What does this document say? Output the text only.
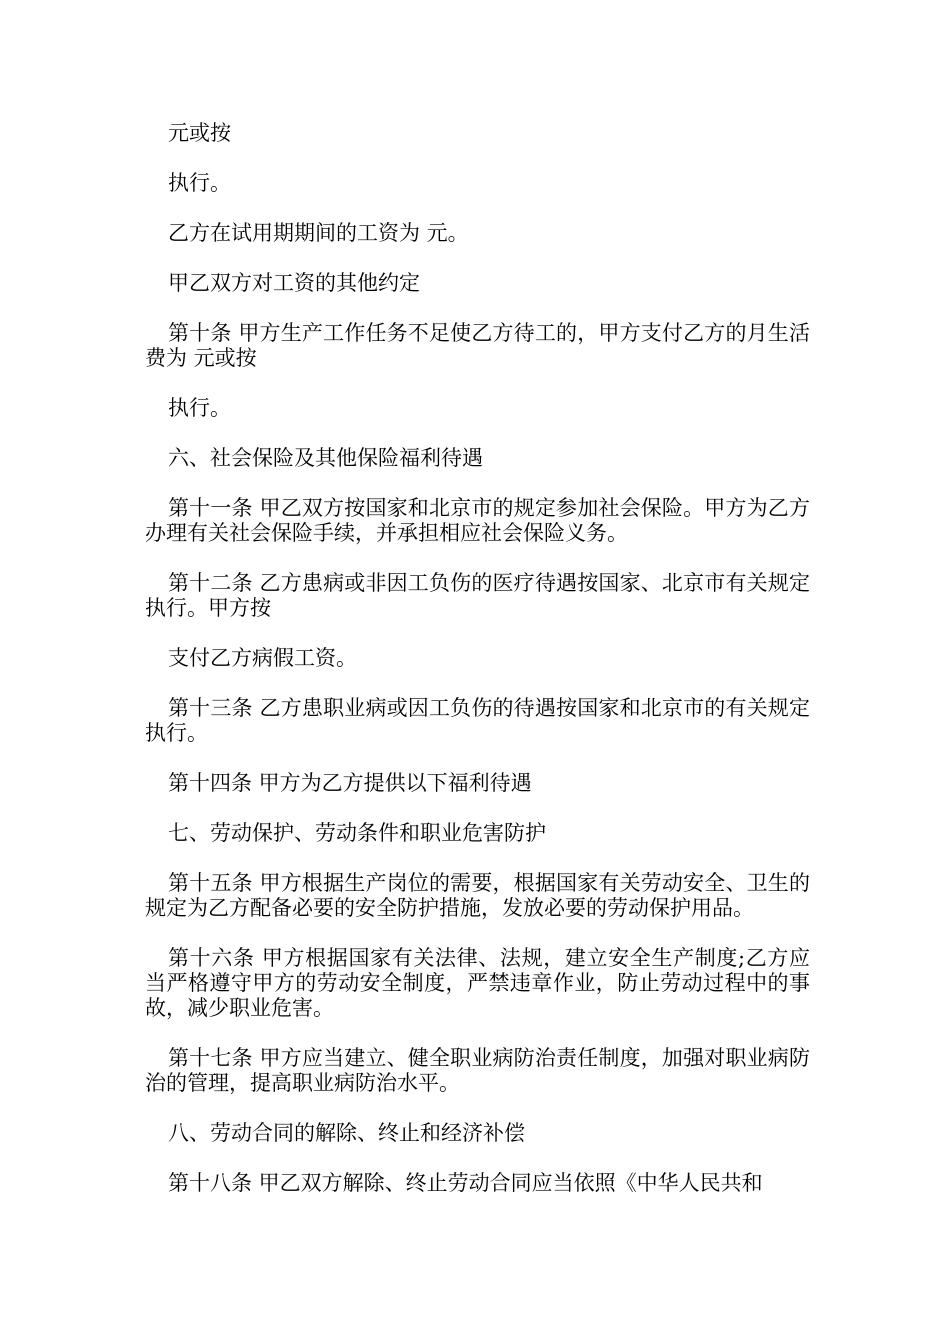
元或按

执行。

乙方在试用期期间的工资为 元。

甲乙双方对工资的其他约定

第十条 甲方生产工作任务不足使乙方待工的，甲方支付乙方的月生活费为 元或按

执行。

六、社会保险及其他保险福利待遇

第十一条 甲乙双方按国家和北京市的规定参加社会保险。甲方为乙方办理有关社会保险手续，并承担相应社会保险义务。

第十二条 乙方患病或非因工负伤的医疗待遇按国家、北京市有关规定执行。甲方按

支付乙方病假工资。

第十三条 乙方患职业病或因工负伤的待遇按国家和北京市的有关规定执行。

第十四条 甲方为乙方提供以下福利待遇

七、劳动保护、劳动条件和职业危害防护

第十五条 甲方根据生产岗位的需要，根据国家有关劳动安全、卫生的规定为乙方配备必要的安全防护措施，发放必要的劳动保护用品。

第十六条 甲方根据国家有关法律、法规，建立安全生产制度;乙方应当严格遵守甲方的劳动安全制度，严禁违章作业，防止劳动过程中的事故，减少职业危害。

第十七条 甲方应当建立、健全职业病防治责任制度，加强对职业病防治的管理，提高职业病防治水平。

八、劳动合同的解除、终止和经济补偿

第十八条 甲乙双方解除、终止劳动合同应当依照《中华人民共和
